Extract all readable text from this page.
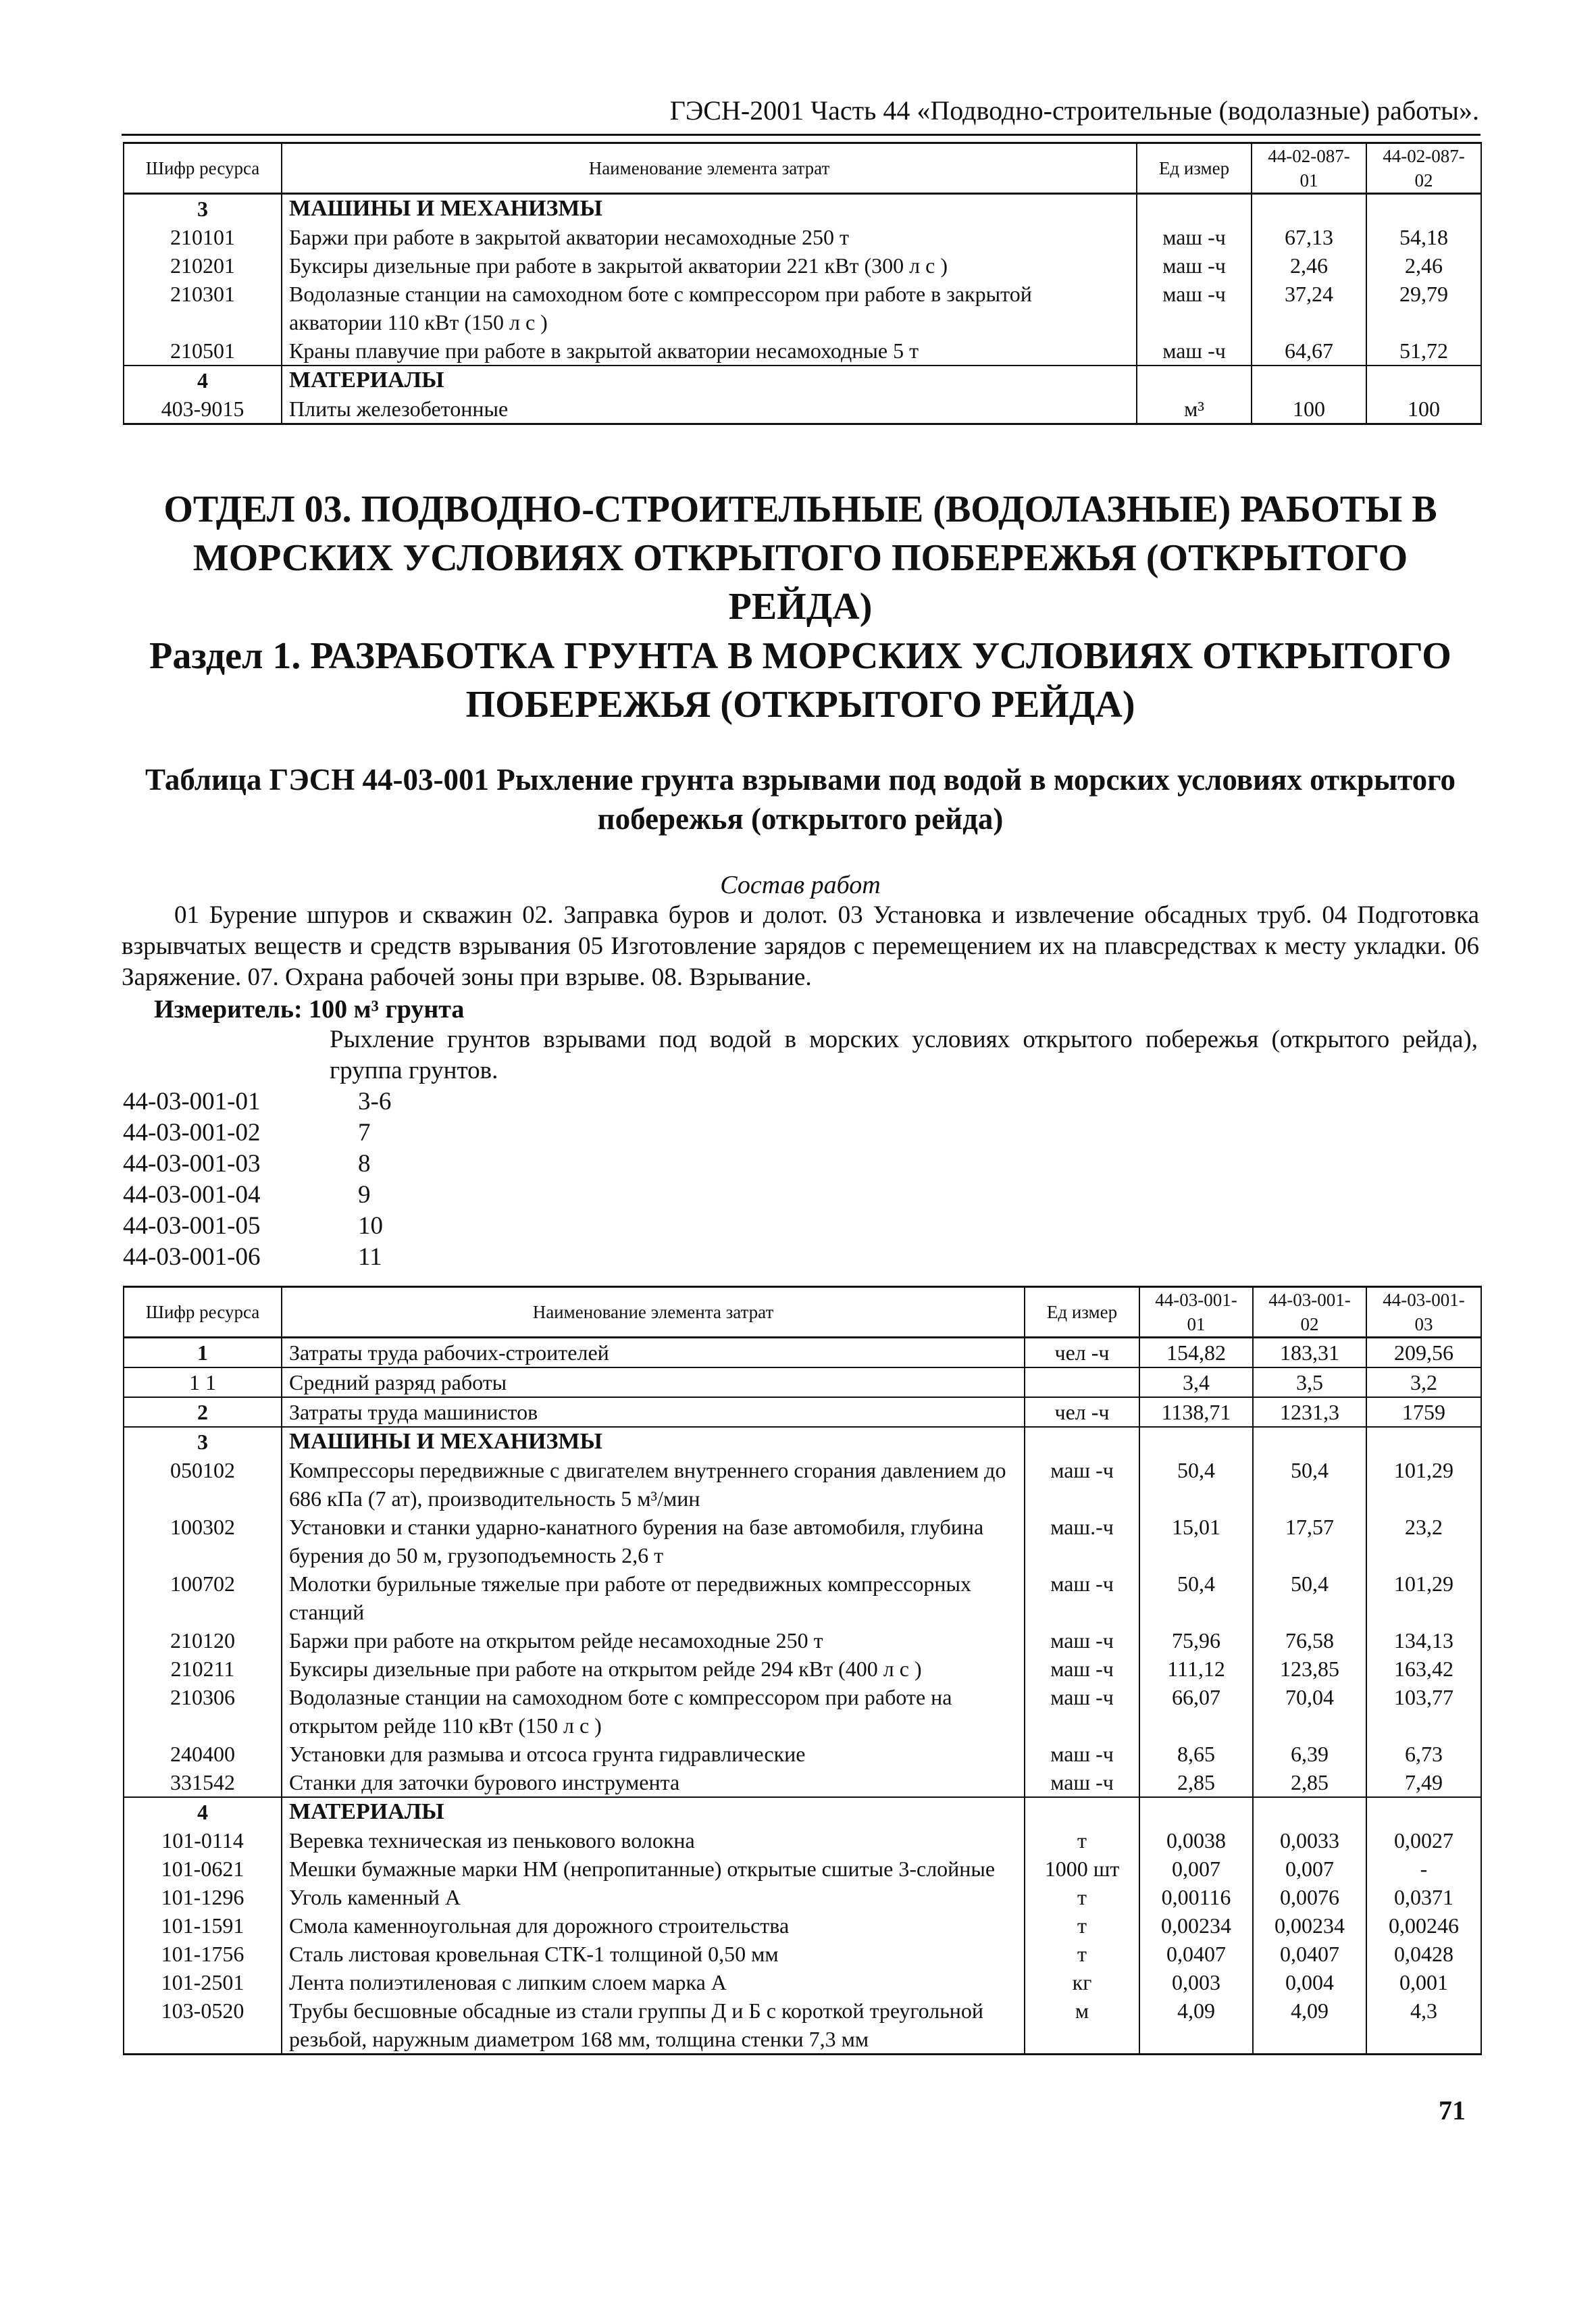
ГЭСН-2001 Часть 44 «Подводно-строительные (водолазные) работы».
Шифр ресурса	Наименование элемента затрат	Ед измер	44-02-087-01	44-02-087-02
3	МАШИНЫ И МЕХАНИЗМЫ			
210101	Баржи при работе в закрытой акватории несамоходные 250 т	маш -ч	67,13	54,18
210201	Буксиры дизельные при работе в закрытой акватории 221 кВт (300 л с )	маш -ч	2,46	2,46
210301	Водолазные станции на самоходном боте с компрессором при работе в закрытой акватории 110 кВт (150 л с )	маш -ч	37,24	29,79
210501	Краны плавучие при работе в закрытой акватории несамоходные 5 т	маш -ч	64,67	51,72
4	МАТЕРИАЛЫ			
403-9015	Плиты железобетонные	м³	100	100
ОТДЕЛ 03. ПОДВОДНО-СТРОИТЕЛЬНЫЕ (ВОДОЛАЗНЫЕ) РАБОТЫ В МОРСКИХ УСЛОВИЯХ ОТКРЫТОГО ПОБЕРЕЖЬЯ (ОТКРЫТОГО РЕЙДА)
Раздел 1. РАЗРАБОТКА ГРУНТА В МОРСКИХ УСЛОВИЯХ ОТКРЫТОГО ПОБЕРЕЖЬЯ (ОТКРЫТОГО РЕЙДА)
Таблица ГЭСН 44-03-001 Рыхление грунта взрывами под водой в морских условиях открытого побережья (открытого рейда)
Состав работ
01 Бурение шпуров и скважин 02. Заправка буров и долот. 03 Установка и извлечение обсадных труб. 04 Подготовка взрывчатых веществ и средств взрывания 05 Изготовление зарядов с перемещением их на плавсредствах к месту укладки. 06 Заряжение. 07. Охрана рабочей зоны при взрыве. 08. Взрывание.
Измеритель: 100 м³ грунта
Рыхление грунтов взрывами под водой в морских условиях открытого побережья (открытого рейда), группа грунтов.
44-03-001-01	3-6
44-03-001-02	7
44-03-001-03	8
44-03-001-04	9
44-03-001-05	10
44-03-001-06	11
Шифр ресурса	Наименование элемента затрат	Ед измер	44-03-001-01	44-03-001-02	44-03-001-03
1	Затраты труда рабочих-строителей	чел -ч	154,82	183,31	209,56
1 1	Средний разряд работы		3,4	3,5	3,2
2	Затраты труда машинистов	чел -ч	1138,71	1231,3	1759
3	МАШИНЫ И МЕХАНИЗМЫ				
050102	Компрессоры передвижные с двигателем внутреннего сгорания давлением до 686 кПа (7 ат), производительность 5 м³/мин	маш -ч	50,4	50,4	101,29
100302	Установки и станки ударно-канатного бурения на базе автомобиля, глубина бурения до 50 м, грузоподъемность 2,6 т	маш.-ч	15,01	17,57	23,2
100702	Молотки бурильные тяжелые при работе от передвижных компрессорных станций	маш -ч	50,4	50,4	101,29
210120	Баржи при работе на открытом рейде несамоходные 250 т	маш -ч	75,96	76,58	134,13
210211	Буксиры дизельные при работе на открытом рейде 294 кВт (400 л с )	маш -ч	111,12	123,85	163,42
210306	Водолазные станции на самоходном боте с компрессором при работе на открытом рейде 110 кВт (150 л с )	маш -ч	66,07	70,04	103,77
240400	Установки для размыва и отсоса грунта гидравлические	маш -ч	8,65	6,39	6,73
331542	Станки для заточки бурового инструмента	маш -ч	2,85	2,85	7,49
4	МАТЕРИАЛЫ				
101-0114	Веревка техническая из пенькового волокна	т	0,0038	0,0033	0,0027
101-0621	Мешки бумажные марки НМ (непропитанные) открытые сшитые 3-слойные	1000 шт	0,007	0,007	-
101-1296	Уголь каменный А	т	0,00116	0,0076	0,0371
101-1591	Смола каменноугольная для дорожного строительства	т	0,00234	0,00234	0,00246
101-1756	Сталь листовая кровельная СТК-1 толщиной 0,50 мм	т	0,0407	0,0407	0,0428
101-2501	Лента полиэтиленовая с липким слоем марка А	кг	0,003	0,004	0,001
103-0520	Трубы бесшовные обсадные из стали группы Д и Б с короткой треугольной резьбой, наружным диаметром 168 мм, толщина стенки 7,3 мм	м	4,09	4,09	4,3
71
